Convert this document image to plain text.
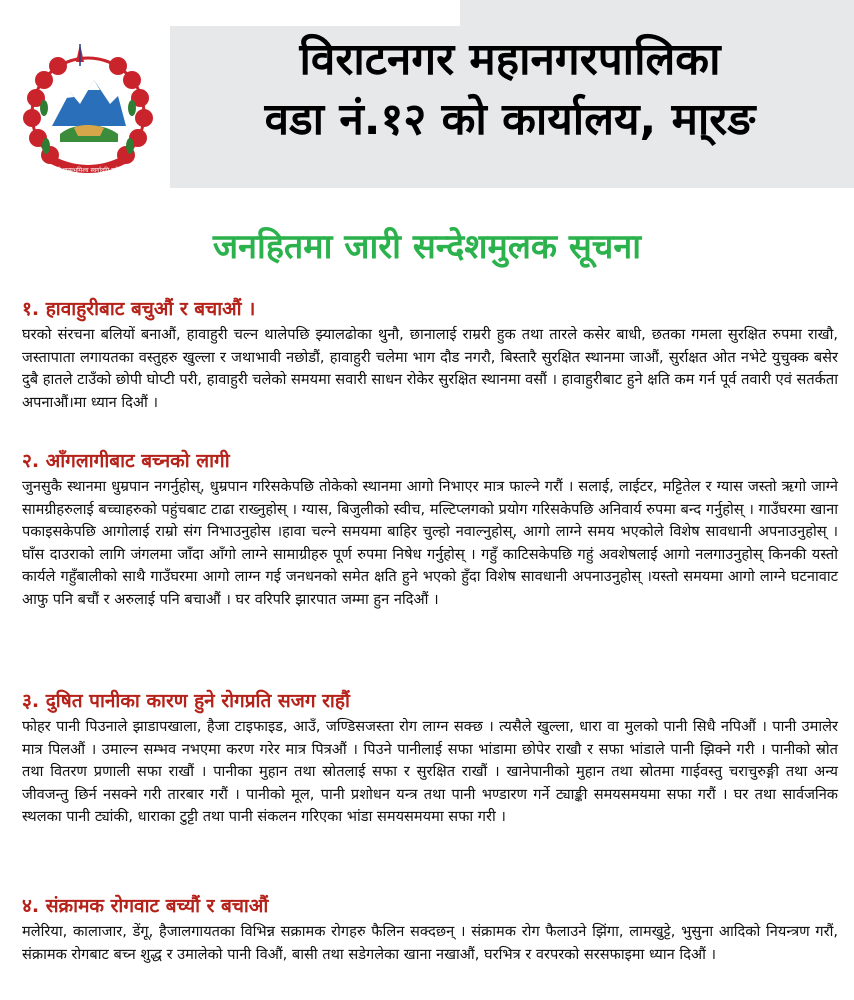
जननी जन्मभूमिश्च स्वर्गादपि गरीयसी
विराटनगर महानगरपालिका
वडा नं.१२ को कार्यालय, मा्रङ
जनहितमा जारी सन्देशमुलक सूचना
१. हावाहुरीबाट बचुऔं र बचाऔं ।

घरको संरचना बलियों बनाऔं, हावाहुरी चल्न थालेपछि झ्यालढोका थुनौ, छानालाई राम्ररी हुक तथा तारले कसेर बाधी, छतका गमला सुरक्षित रुपमा राखौ, जस्तापाता लगायतका वस्तुहरु खुल्ला र जथाभावी नछोडौं, हावाहुरी चलेमा भाग दौड नगरौ, बिस्तारै सुरक्षित स्थानमा जाऔं, सुर्राक्षत ओत नभेटे युचुक्क बसेर दुबै हातले टाउँको छोपी घोप्टी परी, हावाहुरी चलेको समयमा सवारी साधन रोकेर सुरक्षित स्थानमा वसौं । हावाहुरीबाट हुने क्षति कम गर्न पूर्व तवारी एवं सतर्कता अपनाऔं।मा ध्यान दिऔं ।

२. आँगलागीबाट बच्नको लागी

जुनसुकै स्थानमा धुम्रपान नगर्नुहोस्, धुम्रपान गरिसकेपछि तोकेको स्थानमा आगो निभाएर मात्र फाल्ने गरौं । सलाई, लाईटर, मट्टितेल र ग्यास जस्तो ऋगो जाग्ने सामग्रीहरुलाई बच्चाहरुको पहुंचबाट टाढा राख्नुहोस् । ग्यास, बिजुलीको स्वीच, मल्टिप्लगको प्रयोग गरिसकेपछि अनिवार्य रुपमा बन्द गर्नुहोस् । गाउँघरमा खाना पकाइसकेपछि आगोलाई राम्रो संग निभाउनुहोस ।हावा चल्ने समयमा बाहिर चुल्हो नवाल्नुहोस्, आगो लाग्ने समय भएकोले विशेष सावधानी अपनाउनुहोस् । घाँस दाउराको लागि जंगलमा जाँदा आँगो लाग्ने सामाग्रीहरु पूर्ण रुपमा निषेध गर्नुहोस् । गहुँ काटिसकेपछि गहुं अवशेषलाई आगो नलगाउनुहोस् किनकी यस्तो कार्यले गहुँबालीको साथै गाउँघरमा आगो लाग्न गई जनधनको समेत क्षति हुने भएको हुँदा विशेष सावधानी अपनाउनुहोस् ।यस्तो समयमा आगो लाग्ने घटनावाट आफु पनि बचौं र अरुलाई पनि बचाऔं । घर वरिपरि झारपात जम्मा हुन नदिऔं ।

३. दुषित पानीका कारण हुने रोगप्रति सजग राहौं

फोहर पानी पिउनाले झाडापखाला, हैजा टाइफाइड, आउँ, जण्डिसजस्ता रोग लाग्न सक्छ । त्यसैले खुल्ला, धारा वा मुलको पानी सिधै नपिऔं । पानी उमालेर मात्र पिलऔं । उमाल्न सम्भव नभएमा करण गरेर मात्र पित्रऔं । पिउने पानीलाई सफा भांडामा छोपेर राखौ र सफा भांडाले पानी झिक्ने गरी । पानीको स्रोत तथा वितरण प्रणाली सफा राखौं । पानीका मुहान तथा स्रोतलाई सफा र सुरक्षित राखौं । खानेपानीको मुहान तथा स्रोतमा गाईवस्तु चराचुरुङ्गी तथा अन्य जीवजन्तु छिर्न नसक्ने गरी तारबार गरौं । पानीको मूल, पानी प्रशोधन यन्त्र तथा पानी भण्डारण गर्ने ट्याङ्की समयसमयमा सफा गरौं । घर तथा सार्वजनिक स्थलका पानी ट्यांकी, धाराका टुट्टी तथा पानी संकलन गरिएका भांडा समयसमयमा सफा गरी ।

४. संक्रामक रोगवाट बच्यौं र बचाऔं

मलेरिया, कालाजार, डेंगू, हैजालगायतका विभिन्न सक्रामक रोगहरु फैलिन सक्दछन् । संक्रामक रोग फैलाउने झिंगा, लामखुट्टे, भुसुना आदिको नियन्त्रण गरौं, संक्रामक रोगबाट बच्न शुद्ध र उमालेको पानी विऔं, बासी तथा सडेगलेका खाना नखाऔं, घरभित्र र वरपरको सरसफाइमा ध्यान दिऔं ।
